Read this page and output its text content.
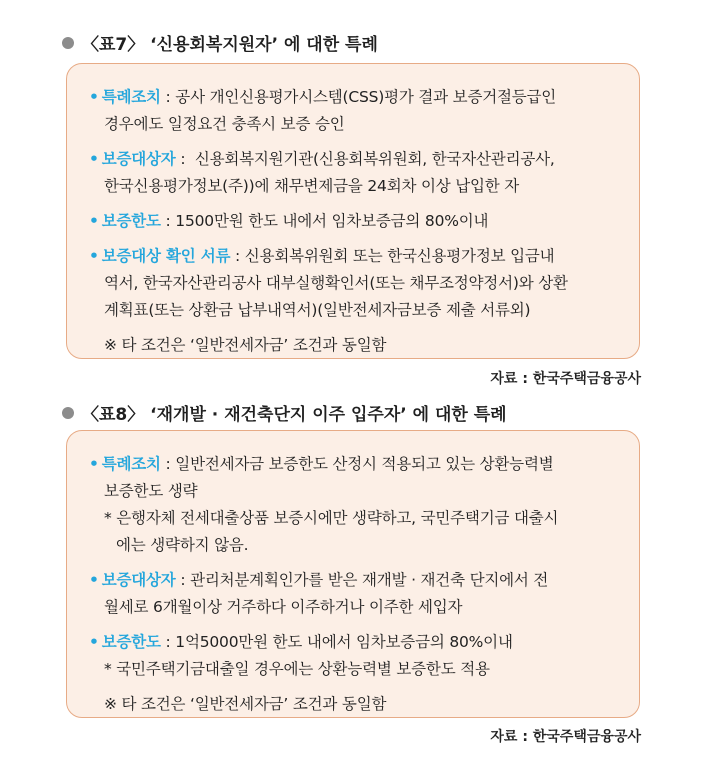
〈표7〉 ‘신용회복지원자’ 에 대한 특례
• 특례조치 : 공사 개인신용평가시스템(CSS)평가 결과 보증거절등급인
경우에도 일정요건 충족시 보증 승인
• 보증대상자 :  신용회복지원기관(신용회복위원회, 한국자산관리공사,
한국신용평가정보(주))에 채무변제금을 24회차 이상 납입한 자
• 보증한도 : 1500만원 한도 내에서 임차보증금의 80%이내
• 보증대상 확인 서류 : 신용회복위원회 또는 한국신용평가정보 입금내
역서, 한국자산관리공사 대부실행확인서(또는 채무조정약정서)와 상환
계획표(또는 상환금 납부내역서)(일반전세자금보증 제출 서류외)
※ 타 조건은 ‘일반전세자금’ 조건과 동일함
자료 : 한국주택금융공사
〈표8〉 ‘재개발 · 재건축단지 이주 입주자’ 에 대한 특례
• 특례조치 : 일반전세자금 보증한도 산정시 적용되고 있는 상환능력별
보증한도 생략
* 은행자체 전세대출상품 보증시에만 생략하고, 국민주택기금 대출시
에는 생략하지 않음.
• 보증대상자 : 관리처분계획인가를 받은 재개발 · 재건축 단지에서 전
월세로 6개월이상 거주하다 이주하거나 이주한 세입자
• 보증한도 : 1억5000만원 한도 내에서 임차보증금의 80%이내
* 국민주택기금대출일 경우에는 상환능력별 보증한도 적용
※ 타 조건은 ‘일반전세자금’ 조건과 동일함
자료 : 한국주택금융공사
